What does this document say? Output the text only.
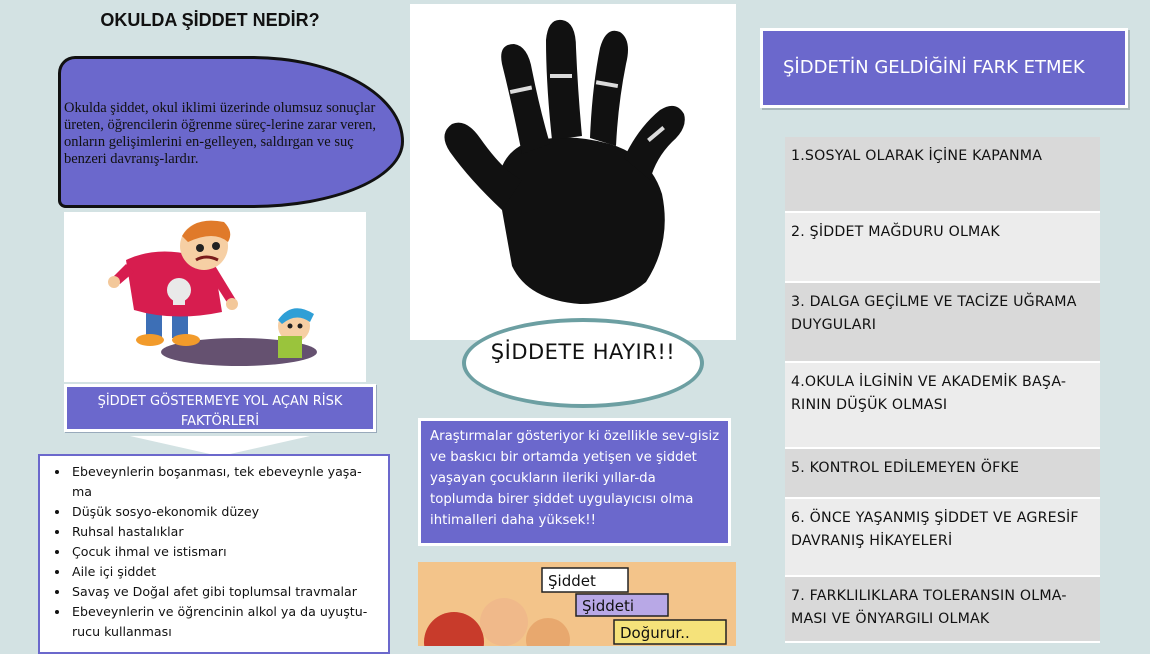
OKULDA ŞİDDET NEDİR?
Okulda şiddet, okul iklimi üzerinde olumsuz sonuçlar üreten, öğrencilerin öğrenme süreç-lerine zarar veren, onların gelişimlerini en-gelleyen, saldırgan ve suç benzeri davranış-lardır.
ŞİDDET GÖSTERMEYE YOL AÇAN RİSK FAKTÖRLERİ
• Ebeveynlerin boşanması, tek ebeveynle yaşa-ma
• Düşük sosyo-ekonomik düzey
• Ruhsal hastalıklar
• Çocuk ihmal ve istismarı
• Aile içi şiddet
• Savaş ve Doğal afet gibi toplumsal travmalar
• Ebeveynlerin ve öğrencinin alkol ya da uyuştu-rucu kullanması
ŞİDDETE HAYIR!!
Araştırmalar gösteriyor ki özellikle sev-gisiz ve baskıcı bir ortamda yetişen ve şiddet yaşayan çocukların ileriki yıllar-da toplumda birer şiddet uygulayıcısı olma ihtimalleri daha yüksek!!
Şiddet
Şiddeti
Doğurur..
ŞİDDETİN GELDİĞİNİ FARK ETMEK
1.SOSYAL OLARAK İÇİNE KAPANMA
2. ŞİDDET MAĞDURU OLMAK
3. DALGA GEÇİLME VE TACİZE UĞRAMA DUYGULARI
4.OKULA İLGİNİN VE AKADEMİK BAŞA-RININ DÜŞÜK OLMASI
5. KONTROL EDİLEMEYEN ÖFKE
6. ÖNCE YAŞANMIŞ ŞİDDET VE AGRESİF DAVRANIŞ HİKAYELERİ
7. FARKLILIKLARA TOLERANSIN OLMA-MASI VE ÖNYARGILI OLMAK
